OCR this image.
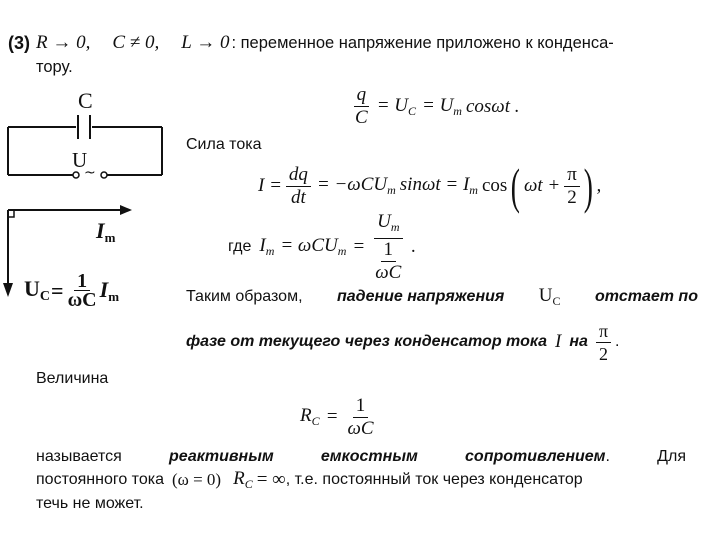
(3) R → 0, C ≠ 0, L → 0 : переменное напряжение приложено к конденса-
тору.
C
U
~
$I_m$
$U_C = \frac{1}{\omega C} I_m$
$\frac{q}{C} = U_C = U_m$ cosωt .
Сила тока
$I = \frac{dq}{dt} = -\omega CU_m$ $\sin\omega t = I_m$ cos ( $\omega t + \frac{\pi}{2}$ ) ,
где $I_m = \omega CU_m = \frac{U_m}{\frac{1}{\omega C}}$ .
Таким образом, падение напряжения $U_C$ отстает по
фазе от текущего через конденсатор тока I на $\frac{\pi}{2}$ .
Величина
$R_C = \frac{1}{\omega C}$
называется	реактивным	емкостным	сопротивлением.	Для
постоянного тока (ω = 0) $R_C$ = ∞ , т.е. постоянный ток через конденсатор
течь не может.
